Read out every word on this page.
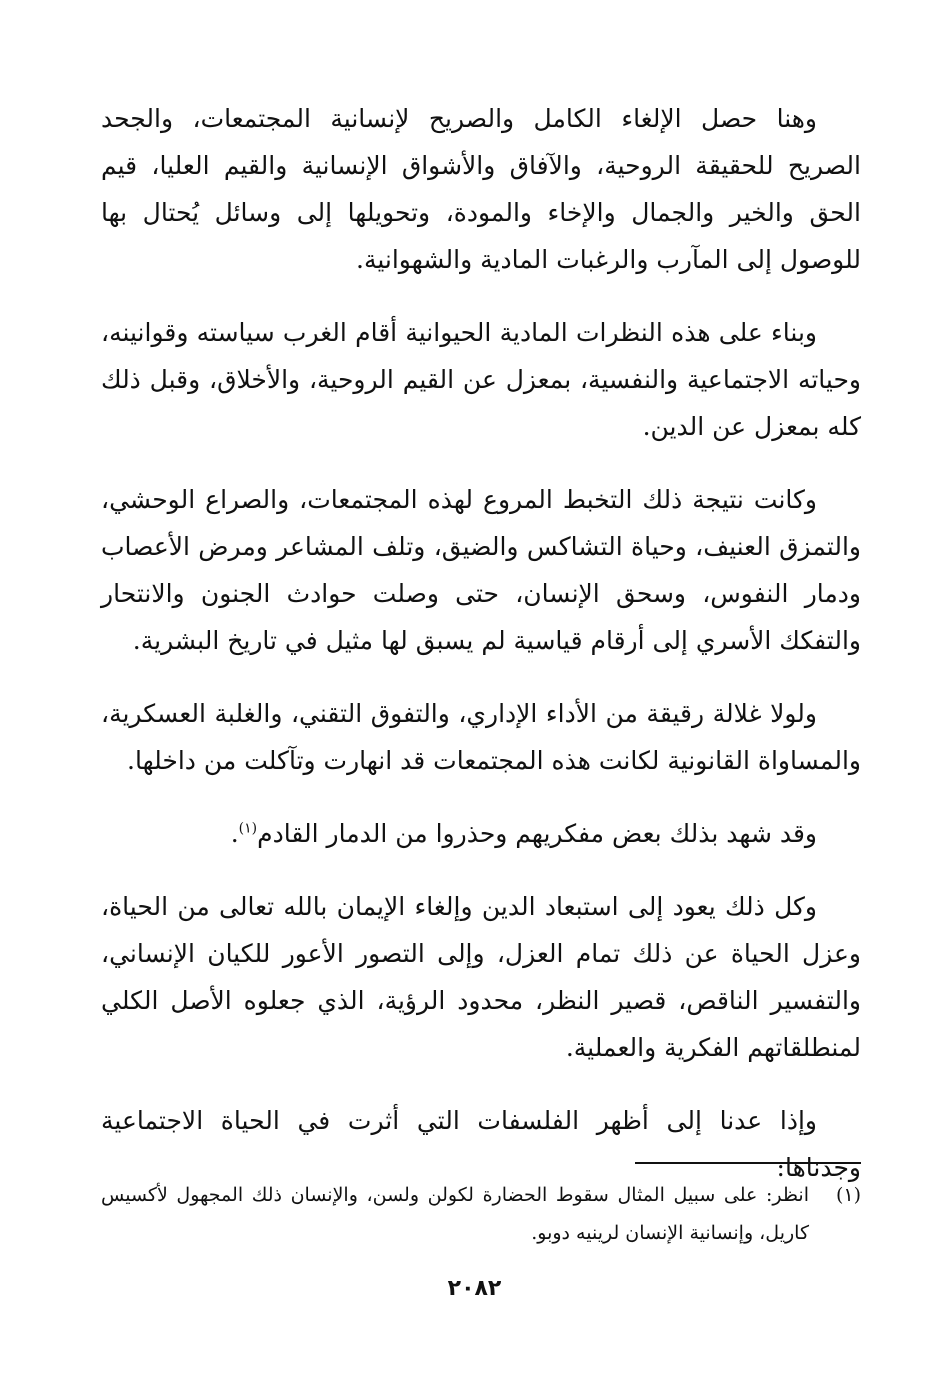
وهنا حصل الإلغاء الكامل والصريح لإنسانية المجتمعات، والجحد الصريح للحقيقة الروحية، والآفاق والأشواق الإنسانية والقيم العليا، قيم الحق والخير والجمال والإخاء والمودة، وتحويلها إلى وسائل يُحتال بها للوصول إلى المآرب والرغبات المادية والشهوانية.

وبناء على هذه النظرات المادية الحيوانية أقام الغرب سياسته وقوانينه، وحياته الاجتماعية والنفسية، بمعزل عن القيم الروحية، والأخلاق، وقبل ذلك كله بمعزل عن الدين.

وكانت نتيجة ذلك التخبط المروع لهذه المجتمعات، والصراع الوحشي، والتمزق العنيف، وحياة التشاكس والضيق، وتلف المشاعر ومرض الأعصاب ودمار النفوس، وسحق الإنسان، حتى وصلت حوادث الجنون والانتحار والتفكك الأسري إلى أرقام قياسية لم يسبق لها مثيل في تاريخ البشرية.

ولولا غلالة رقيقة من الأداء الإداري، والتفوق التقني، والغلبة العسكرية، والمساواة القانونية لكانت هذه المجتمعات قد انهارت وتآكلت من داخلها.

وقد شهد بذلك بعض مفكريهم وحذروا من الدمار القادم$^{(١)}$.

وكل ذلك يعود إلى استبعاد الدين وإلغاء الإيمان بالله تعالى من الحياة، وعزل الحياة عن ذلك تمام العزل، وإلى التصور الأعور للكيان الإنساني، والتفسير الناقص، قصير النظر، محدود الرؤية، الذي جعلوه الأصل الكلي لمنطلقاتهم الفكرية والعملية.

وإذا عدنا إلى أظهر الفلسفات التي أثرت في الحياة الاجتماعية وجدناها:

(١)
انظر: على سبيل المثال سقوط الحضارة لكولن ولسن، والإنسان ذلك المجهول لأكسيس كاريل، وإنسانية الإنسان لرينيه دوبو.

٢٠٨٢
